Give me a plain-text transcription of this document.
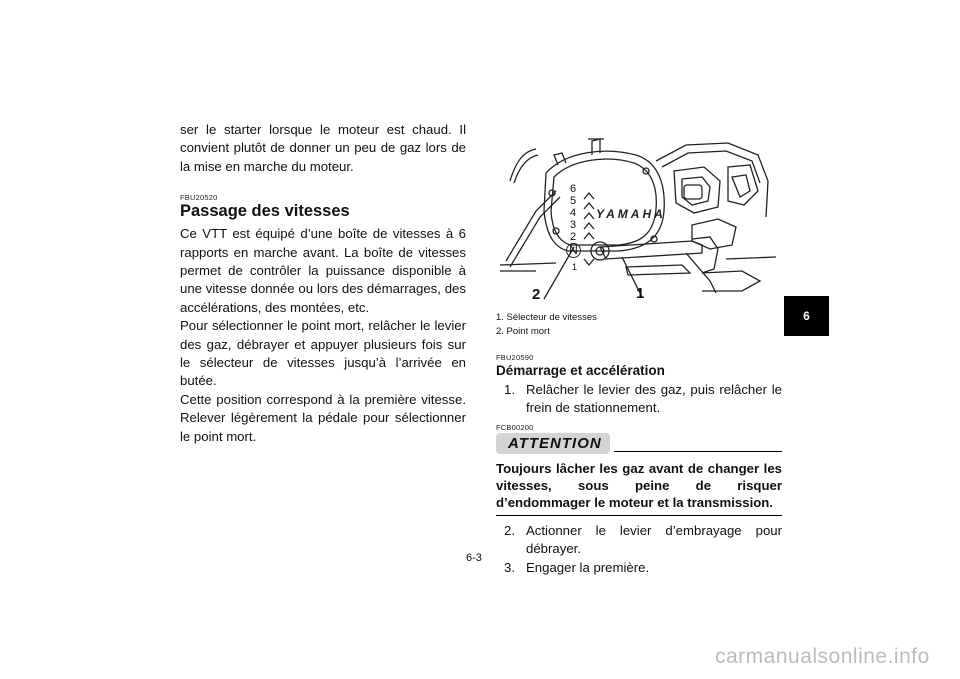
ser le starter lorsque le moteur est chaud. Il convient plutôt de donner un peu de gaz lors de la mise en marche du moteur.

FBU20520

Passage des vitesses

Ce VTT est équipé d’une boîte de vitesses à 6 rapports en marche avant. La boîte de vitesses permet de contrôler la puissance disponible à une vitesse donnée ou lors des démarrages, des accélérations, des montées, etc.

Pour sélectionner le point mort, relâcher le levier des gaz, débrayer et appuyer plusieurs fois sur le sélecteur de vitesses jusqu’à l’arrivée en butée.

Cette position correspond à la première vitesse. Relever légèrement la pédale pour sélectionner le point mort.

YAMAHA
6
5
4
3
2
N
1
2	1

1. Sélecteur de vitesses

2. Point mort

FBU20590

Démarrage et accélération
1. Relâcher le levier des gaz, puis relâcher le frein de stationnement.

FCB00200

ATTENTION

Toujours lâcher les gaz avant de changer les vitesses, sous peine de risquer d’endommager le moteur et la transmission.

2. Actionner le levier d’embrayage pour débrayer.
3. Engager la première.
6-3
6
carmanualsonline.info
